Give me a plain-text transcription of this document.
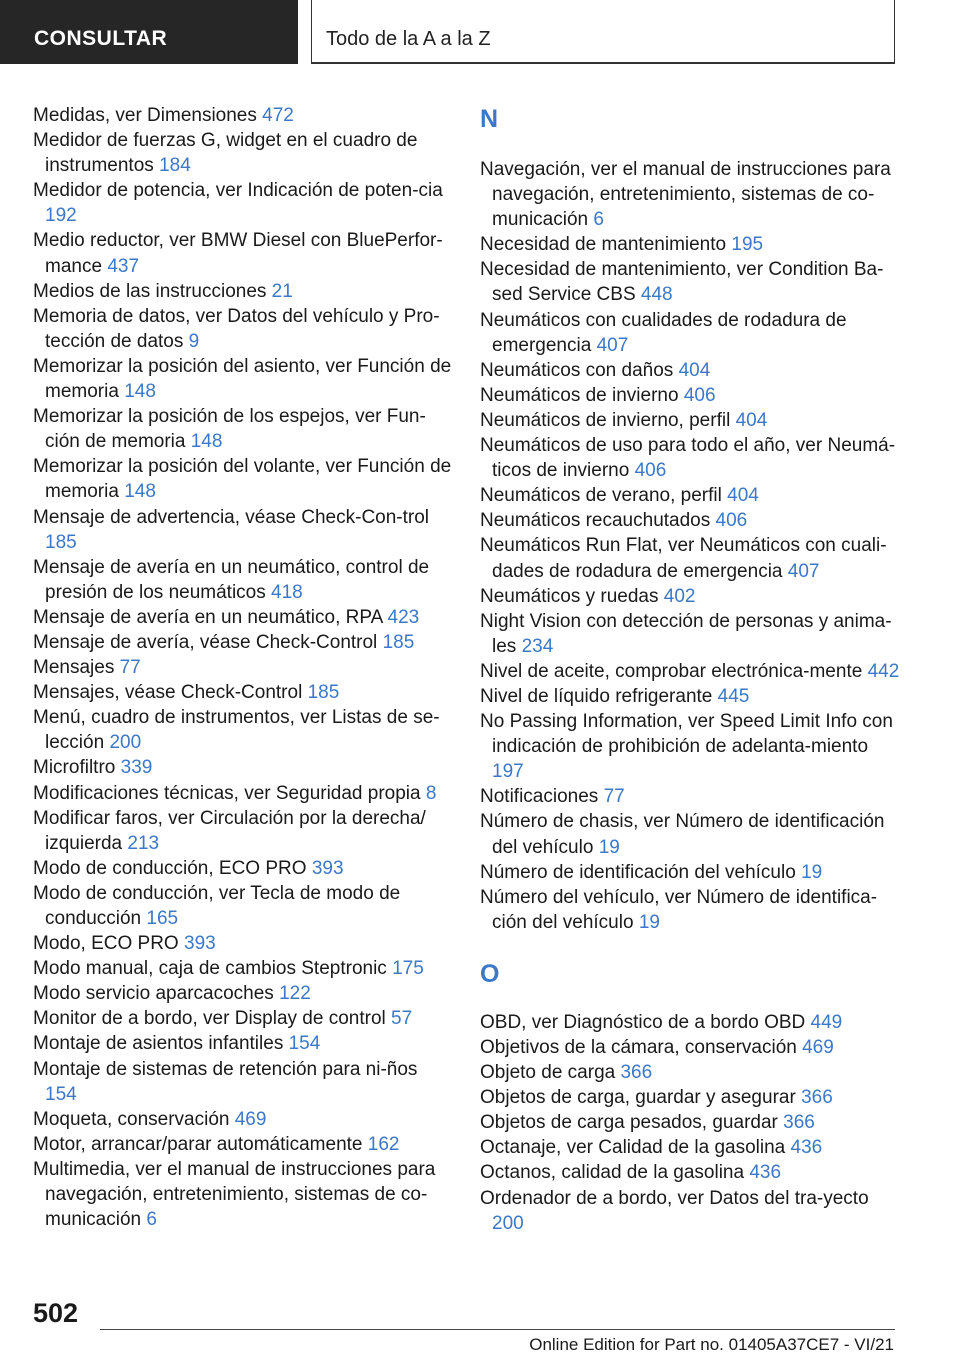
CONSULTAR	Todo de la A a la Z
Medidas, ver Dimensiones 472
Medidor de fuerzas G, widget en el cuadro de instrumentos 184
Medidor de potencia, ver Indicación de poten‐cia 192
Medio reductor, ver BMW Diesel con BluePerfor‐mance 437
Medios de las instrucciones 21
Memoria de datos, ver Datos del vehículo y Pro‐tección de datos 9
Memorizar la posición del asiento, ver Función de memoria 148
Memorizar la posición de los espejos, ver Fun‐ción de memoria 148
Memorizar la posición del volante, ver Función de memoria 148
Mensaje de advertencia, véase Check-Con‐trol 185
Mensaje de avería en un neumático, control de presión de los neumáticos 418
Mensaje de avería en un neumático, RPA 423
Mensaje de avería, véase Check-Control 185
Mensajes 77
Mensajes, véase Check-Control 185
Menú, cuadro de instrumentos, ver Listas de se‐lección 200
Microfiltro 339
Modificaciones técnicas, ver Seguridad propia 8
Modificar faros, ver Circulación por la derecha/ izquierda 213
Modo de conducción, ECO PRO 393
Modo de conducción, ver Tecla de modo de conducción 165
Modo, ECO PRO 393
Modo manual, caja de cambios Steptronic 175
Modo servicio aparcacoches 122
Monitor de a bordo, ver Display de control 57
Montaje de asientos infantiles 154
Montaje de sistemas de retención para ni‐ños 154
Moqueta, conservación 469
Motor, arrancar/parar automáticamente 162
Multimedia, ver el manual de instrucciones para navegación, entretenimiento, sistemas de co‐municación 6
N
Navegación, ver el manual de instrucciones para navegación, entretenimiento, sistemas de co‐municación 6
Necesidad de mantenimiento 195
Necesidad de mantenimiento, ver Condition Ba‐sed Service CBS 448
Neumáticos con cualidades de rodadura de emergencia 407
Neumáticos con daños 404
Neumáticos de invierno 406
Neumáticos de invierno, perfil 404
Neumáticos de uso para todo el año, ver Neumá‐ticos de invierno 406
Neumáticos de verano, perfil 404
Neumáticos recauchutados 406
Neumáticos Run Flat, ver Neumáticos con cuali‐dades de rodadura de emergencia 407
Neumáticos y ruedas 402
Night Vision con detección de personas y anima‐les 234
Nivel de aceite, comprobar electrónica‐mente 442
Nivel de líquido refrigerante 445
No Passing Information, ver Speed Limit Info con indicación de prohibición de adelanta‐miento 197
Notificaciones 77
Número de chasis, ver Número de identificación del vehículo 19
Número de identificación del vehículo 19
Número del vehículo, ver Número de identifica‐ción del vehículo 19
O
OBD, ver Diagnóstico de a bordo OBD 449
Objetivos de la cámara, conservación 469
Objeto de carga 366
Objetos de carga, guardar y asegurar 366
Objetos de carga pesados, guardar 366
Octanaje, ver Calidad de la gasolina 436
Octanos, calidad de la gasolina 436
Ordenador de a bordo, ver Datos del tra‐yecto 200
502
Online Edition for Part no. 01405A37CE7 - VI/21
